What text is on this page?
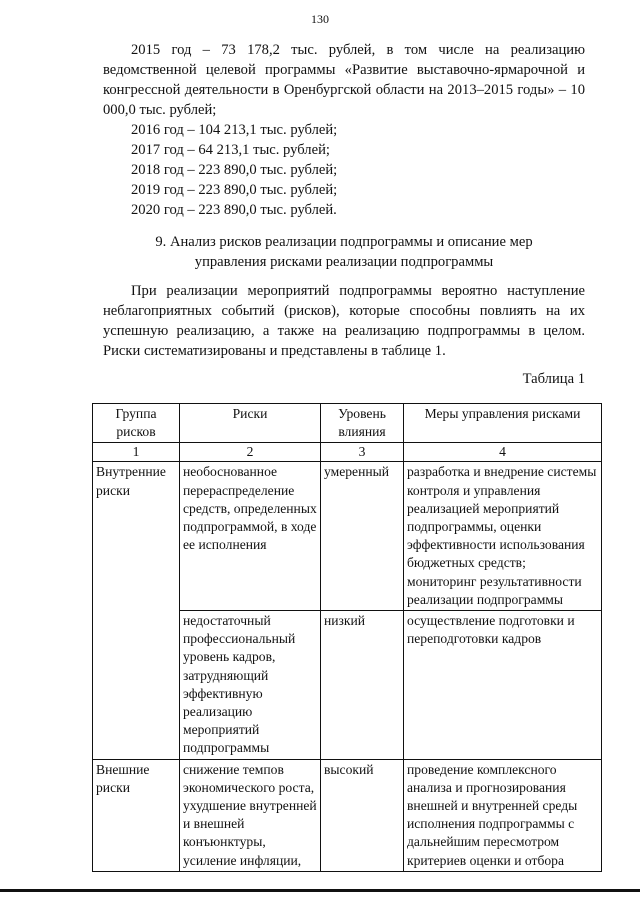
130

2015 год – 73 178,2 тыс. рублей, в том числе на реализацию ведомственной целевой программы «Развитие выставочно-ярмарочной и конгрессной деятельности в Оренбургской области на 2013–2015 годы» – 10 000,0 тыс. рублей;

2016 год – 104 213,1 тыс. рублей;
2017 год – 64 213,1 тыс. рублей;
2018 год – 223 890,0 тыс. рублей;
2019 год – 223 890,0 тыс. рублей;
2020 год – 223 890,0 тыс. рублей.
9. Анализ рисков реализации подпрограммы и описание мер
управления рисками реализации подпрограммы

При реализации мероприятий подпрограммы вероятно наступление неблагоприятных событий (рисков), которые способны повлиять на их успешную реализацию, а также на реализацию подпрограммы в целом. Риски систематизированы и представлены в таблице 1.

Таблица 1
Группа рисков	Риски	Уровень влияния	Меры управления рисками
1	2	3	4
Внутренние риски	необоснованное перераспределение средств, определенных подпрограммой, в ходе ее исполнения	умеренный	разработка и внедрение системы контроля и управления реализацией мероприятий подпрограммы, оценки эффективности использования бюджетных средств; мониторинг результативности реализации подпрограммы
	недостаточный профессиональный уровень кадров, затрудняющий эффективную реализацию мероприятий подпрограммы	низкий	осуществление подготовки и переподготовки кадров
Внешние риски	снижение темпов экономического роста, ухудшение внутренней и внешней конъюнктуры, усиление инфляции,	высокий	проведение комплексного анализа и прогнозирования внешней и внутренней среды исполнения подпрограммы с дальнейшим пересмотром критериев оценки и отбора
